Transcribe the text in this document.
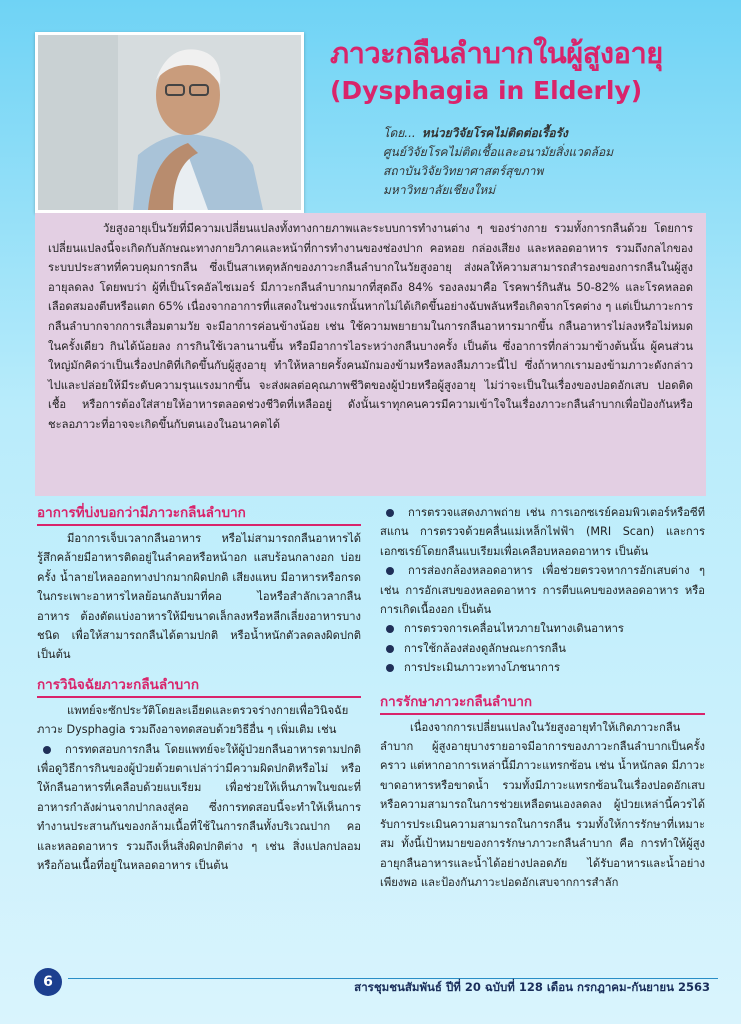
ภาวะกลืนลำบากในผู้สูงอายุ
(Dysphagia in Elderly)
โดย... หน่วยวิจัยโรคไม่ติดต่อเรื้อรัง
ศูนย์วิจัยโรคไม่ติดเชื้อและอนามัยสิ่งแวดล้อม
สถาบันวิจัยวิทยาศาสตร์สุขภาพ
มหาวิทยาลัยเชียงใหม่
วัยสูงอายุเป็นวัยที่มีความเปลี่ยนแปลงทั้งทางกายภาพและระบบการทำงานต่าง ๆ ของร่างกาย รวมทั้งการกลืนด้วย โดยการเปลี่ยนแปลงนี้จะเกิดกับลักษณะทางกายวิภาคและหน้าที่การทำงานของช่องปาก คอหอย กล่องเสียง และหลอดอาหาร รวมถึงกลไกของระบบประสาทที่ควบคุมการกลืน ซึ่งเป็นสาเหตุหลักของภาวะกลืนลำบากในวัยสูงอายุ ส่งผลให้ความสามารถสำรองของการกลืนในผู้สูงอายุลดลง โดยพบว่า ผู้ที่เป็นโรคอัลไซเมอร์ มีภาวะกลืนลำบากมากที่สุดถึง 84% รองลงมาคือ โรคพาร์กินสัน 50-82% และโรคหลอดเลือดสมองตีบหรือแตก 65% เนื่องจากอาการที่แสดงในช่วงแรกนั้นหากไม่ได้เกิดขึ้นอย่างฉับพลันหรือเกิดจากโรคต่าง ๆ แต่เป็นภาวะการกลืนลำบากจากการเสื่อมตามวัย จะมีอาการค่อนข้างน้อย เช่น ใช้ความพยายามในการกลืนอาหารมากขึ้น กลืนอาหารไม่ลงหรือไม่หมดในครั้งเดียว กินได้น้อยลง การกินใช้เวลานานขึ้น หรือมีอาการไอระหว่างกลืนบางครั้ง เป็นต้น ซึ่งอาการที่กล่าวมาข้างต้นนั้น ผู้คนส่วนใหญ่มักคิดว่าเป็นเรื่องปกติที่เกิดขึ้นกับผู้สูงอายุ ทำให้หลายครั้งคนมักมองข้ามหรือหลงลืมภาวะนี้ไป ซึ่งถ้าหากเรามองข้ามภาวะดังกล่าวไปและปล่อยให้มีระดับความรุนแรงมากขึ้น จะส่งผลต่อคุณภาพชีวิตของผู้ป่วยหรือผู้สูงอายุ ไม่ว่าจะเป็นในเรื่องของปอดอักเสบ ปอดติดเชื้อ หรือการต้องใส่สายให้อาหารตลอดช่วงชีวิตที่เหลืออยู่ ดังนั้นเราทุกคนควรมีความเข้าใจในเรื่องภาวะกลืนลำบากเพื่อป้องกันหรือชะลอภาวะที่อาจจะเกิดขึ้นกับตนเองในอนาคตได้
อาการที่บ่งบอกว่ามีภาวะกลืนลำบาก

มีอาการเจ็บเวลากลืนอาหาร หรือไม่สามารถกลืนอาหารได้ รู้สึกคล้ายมีอาหารติดอยู่ในลำคอหรือหน้าอก แสบร้อนกลางอก บ่อยครั้ง น้ำลายไหลออกทางปากมากผิดปกติ เสียงแหบ มีอาหารหรือกรดในกระเพาะอาหารไหลย้อนกลับมาที่คอ ไอหรือสำลักเวลากลืนอาหาร ต้องตัดแบ่งอาหารให้มีขนาดเล็กลงหรือหลีกเลี่ยงอาหารบางชนิด เพื่อให้สามารถกลืนได้ตามปกติ หรือน้ำหนักตัวลดลงผิดปกติ เป็นต้น

การวินิจฉัยภาวะกลืนลำบาก

แพทย์จะซักประวัติโดยละเอียดและตรวจร่างกายเพื่อวินิจฉัยภาวะ Dysphagia รวมถึงอาจทดสอบด้วยวิธีอื่น ๆ เพิ่มเติม เช่น

การทดสอบการกลืน โดยแพทย์จะให้ผู้ป่วยกลืนอาหารตามปกติ เพื่อดูวิธีการกินของผู้ป่วยด้วยตาเปล่าว่ามีความผิดปกติหรือไม่ หรือให้กลืนอาหารที่เคลือบด้วยแบเรียม เพื่อช่วยให้เห็นภาพในขณะที่อาหารกำลังผ่านจากปากลงสู่คอ ซึ่งการทดสอบนี้จะทำให้เห็นการทำงานประสานกันของกล้ามเนื้อที่ใช้ในการกลืนทั้งบริเวณปาก คอและหลอดอาหาร รวมถึงเห็นสิ่งผิดปกติต่าง ๆ เช่น สิ่งแปลกปลอม หรือก้อนเนื้อที่อยู่ในหลอดอาหาร เป็นต้น
การตรวจแสดงภาพถ่าย เช่น การเอกซเรย์คอมพิวเตอร์หรือซีทีสแกน การตรวจด้วยคลื่นแม่เหล็กไฟฟ้า (MRI Scan) และการเอกซเรย์โดยกลืนแบเรียมเพื่อเคลือบหลอดอาหาร เป็นต้น
การส่องกล้องหลอดอาหาร เพื่อช่วยตรวจหาการอักเสบต่าง ๆ เช่น การอักเสบของหลอดอาหาร การตีบแคบของหลอดอาหาร หรือการเกิดเนื้องอก เป็นต้น
การตรวจการเคลื่อนไหวภายในทางเดินอาหาร
การใช้กล้องส่องดูลักษณะการกลืน
การประเมินภาวะทางโภชนาการ
การรักษาภาวะกลืนลำบาก

เนื่องจากการเปลี่ยนแปลงในวัยสูงอายุทำให้เกิดภาวะกลืนลำบาก ผู้สูงอายุบางรายอาจมีอาการของภาวะกลืนลำบากเป็นครั้งคราว แต่หากอาการเหล่านี้มีภาวะแทรกซ้อน เช่น น้ำหนักลด มีภาวะขาดอาหารหรือขาดน้ำ รวมทั้งมีภาวะแทรกซ้อนในเรื่องปอดอักเสบ หรือความสามารถในการช่วยเหลือตนเองลดลง ผู้ป่วยเหล่านี้ควรได้รับการประเมินความสามารถในการกลืน รวมทั้งให้การรักษาที่เหมาะสม ทั้งนี้เป้าหมายของการรักษาภาวะกลืนลำบาก คือ การทำให้ผู้สูงอายุกลืนอาหารและน้ำได้อย่างปลอดภัย ได้รับอาหารและน้ำอย่างเพียงพอ และป้องกันภาวะปอดอักเสบจากการสำลัก

6	สารชุมชนสัมพันธ์ ปีที่ 20 ฉบับที่ 128 เดือน กรกฎาคม-กันยายน 2563
